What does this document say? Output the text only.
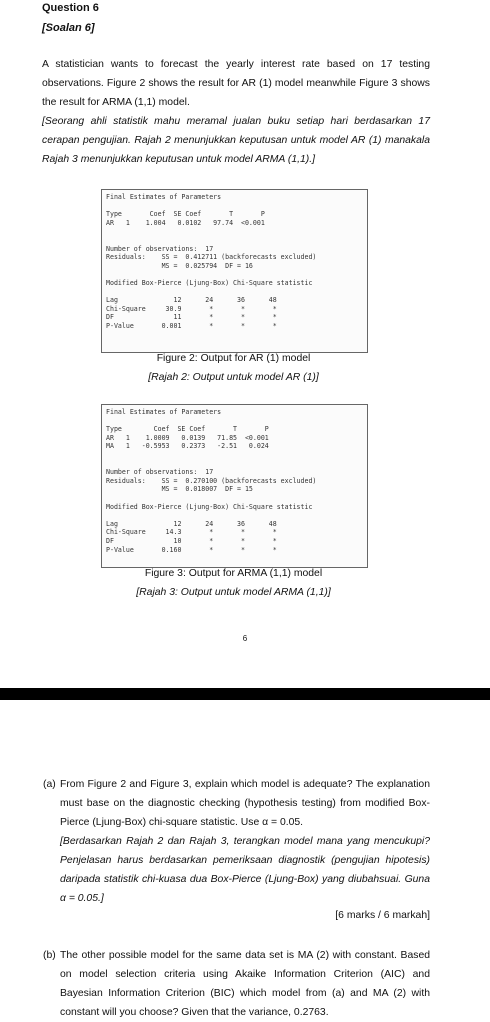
Question 6
[Soalan 6]
A statistician wants to forecast the yearly interest rate based on 17 testing observations. Figure 2 shows the result for AR (1) model meanwhile Figure 3 shows the result for ARMA (1,1) model.
[Seorang ahli statistik mahu meramal jualan buku setiap hari berdasarkan 17 cerapan pengujian. Rajah 2 menunjukkan keputusan untuk model AR (1) manakala Rajah 3 menunjukkan keputusan untuk model ARMA (1,1).]
Final Estimates of Parameters

Type       Coef  SE Coef       T       P
AR   1    1.004   0.0102   97.74  <0.001

Number of observations:  17
Residuals:    SS =  0.412711 (backforecasts excluded)
MS =  0.025794  DF = 16

Modified Box-Pierce (Ljung-Box) Chi-Square statistic

Lag              12      24      36      48
Chi-Square     30.9       *       *       *
DF               11       *       *       *
P-Value       0.001       *       *       *
Figure 2: Output for AR (1) model
[Rajah 2: Output untuk model AR (1)]
Final Estimates of Parameters

Type        Coef  SE Coef       T       P
AR   1    1.0009   0.0139   71.85  <0.001
MA   1   -0.5953   0.2373   -2.51   0.024

Number of observations:  17
Residuals:    SS =  0.270100 (backforecasts excluded)
MS =  0.018007  DF = 15

Modified Box-Pierce (Ljung-Box) Chi-Square statistic

Lag              12      24      36      48
Chi-Square     14.3       *       *       *
DF               10       *       *       *
P-Value       0.160       *       *       *
Figure 3: Output for ARMA (1,1) model
[Rajah 3: Output untuk model ARMA (1,1)]
6
(a) From Figure 2 and Figure 3, explain which model is adequate? The explanation must base on the diagnostic checking (hypothesis testing) from modified Box-Pierce (Ljung-Box) chi-square statistic. Use α = 0.05.
[Berdasarkan Rajah 2 dan Rajah 3, terangkan model mana yang mencukupi? Penjelasan harus berdasarkan pemeriksaan diagnostik (pengujian hipotesis) daripada statistik chi-kuasa dua Box-Pierce (Ljung-Box) yang diubahsuai. Guna α = 0.05.]
[6 marks / 6 markah]
(b) The other possible model for the same data set is MA (2) with constant. Based on model selection criteria using Akaike Information Criterion (AIC) and Bayesian Information Criterion (BIC) which model from (a) and MA (2) with constant will you choose? Given that the variance, 0.2763.
